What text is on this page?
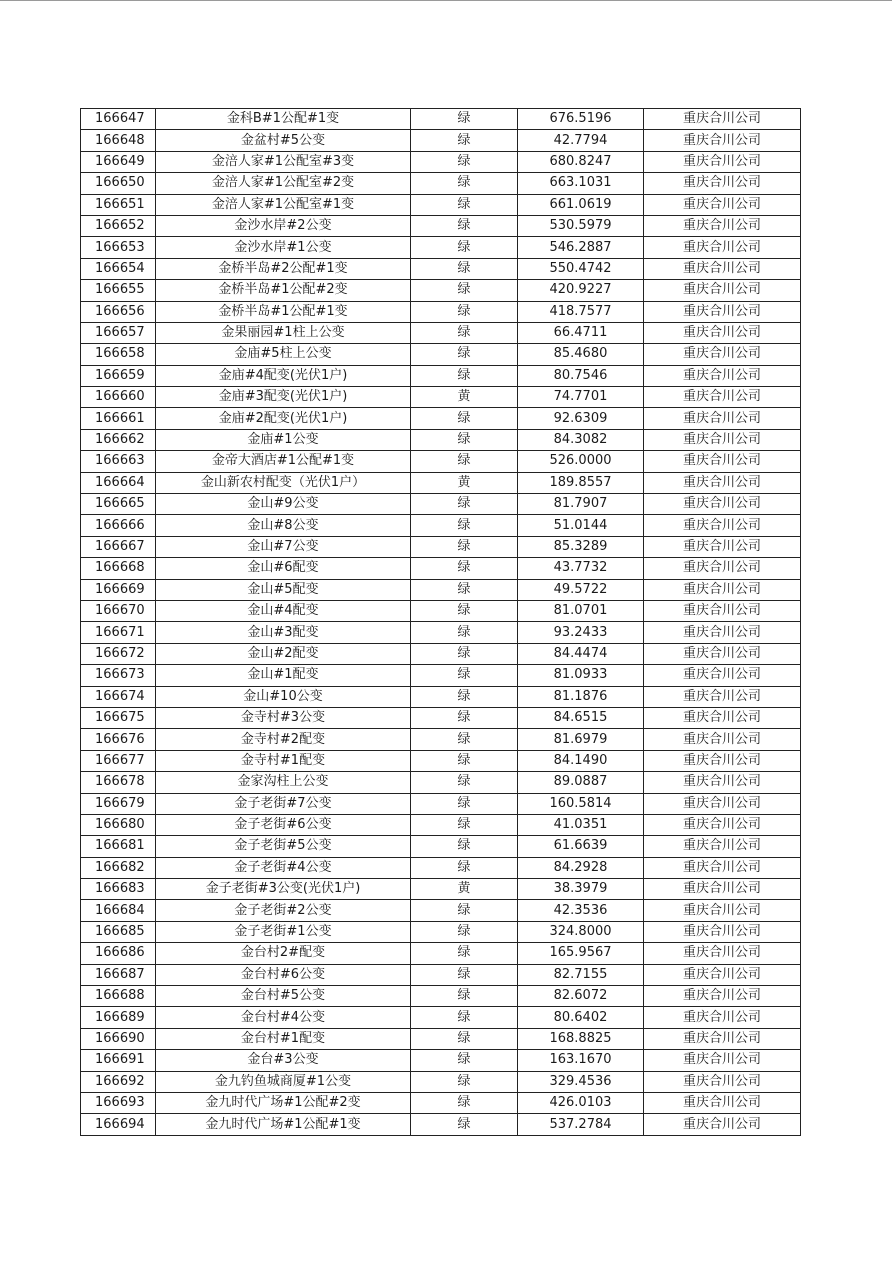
166647	金科B#1公配#1变	绿	676.5196	重庆合川公司
166648	金盆村#5公变	绿	42.7794	重庆合川公司
166649	金涪人家#1公配室#3变	绿	680.8247	重庆合川公司
166650	金涪人家#1公配室#2变	绿	663.1031	重庆合川公司
166651	金涪人家#1公配室#1变	绿	661.0619	重庆合川公司
166652	金沙水岸#2公变	绿	530.5979	重庆合川公司
166653	金沙水岸#1公变	绿	546.2887	重庆合川公司
166654	金桥半岛#2公配#1变	绿	550.4742	重庆合川公司
166655	金桥半岛#1公配#2变	绿	420.9227	重庆合川公司
166656	金桥半岛#1公配#1变	绿	418.7577	重庆合川公司
166657	金果丽园#1柱上公变	绿	66.4711	重庆合川公司
166658	金庙#5柱上公变	绿	85.4680	重庆合川公司
166659	金庙#4配变(光伏1户)	绿	80.7546	重庆合川公司
166660	金庙#3配变(光伏1户)	黄	74.7701	重庆合川公司
166661	金庙#2配变(光伏1户)	绿	92.6309	重庆合川公司
166662	金庙#1公变	绿	84.3082	重庆合川公司
166663	金帝大酒店#1公配#1变	绿	526.0000	重庆合川公司
166664	金山新农村配变（光伏1户）	黄	189.8557	重庆合川公司
166665	金山#9公变	绿	81.7907	重庆合川公司
166666	金山#8公变	绿	51.0144	重庆合川公司
166667	金山#7公变	绿	85.3289	重庆合川公司
166668	金山#6配变	绿	43.7732	重庆合川公司
166669	金山#5配变	绿	49.5722	重庆合川公司
166670	金山#4配变	绿	81.0701	重庆合川公司
166671	金山#3配变	绿	93.2433	重庆合川公司
166672	金山#2配变	绿	84.4474	重庆合川公司
166673	金山#1配变	绿	81.0933	重庆合川公司
166674	金山#10公变	绿	81.1876	重庆合川公司
166675	金寺村#3公变	绿	84.6515	重庆合川公司
166676	金寺村#2配变	绿	81.6979	重庆合川公司
166677	金寺村#1配变	绿	84.1490	重庆合川公司
166678	金家沟柱上公变	绿	89.0887	重庆合川公司
166679	金子老街#7公变	绿	160.5814	重庆合川公司
166680	金子老街#6公变	绿	41.0351	重庆合川公司
166681	金子老街#5公变	绿	61.6639	重庆合川公司
166682	金子老街#4公变	绿	84.2928	重庆合川公司
166683	金子老街#3公变(光伏1户)	黄	38.3979	重庆合川公司
166684	金子老街#2公变	绿	42.3536	重庆合川公司
166685	金子老街#1公变	绿	324.8000	重庆合川公司
166686	金台村2#配变	绿	165.9567	重庆合川公司
166687	金台村#6公变	绿	82.7155	重庆合川公司
166688	金台村#5公变	绿	82.6072	重庆合川公司
166689	金台村#4公变	绿	80.6402	重庆合川公司
166690	金台村#1配变	绿	168.8825	重庆合川公司
166691	金台#3公变	绿	163.1670	重庆合川公司
166692	金九钓鱼城商厦#1公变	绿	329.4536	重庆合川公司
166693	金九时代广场#1公配#2变	绿	426.0103	重庆合川公司
166694	金九时代广场#1公配#1变	绿	537.2784	重庆合川公司
